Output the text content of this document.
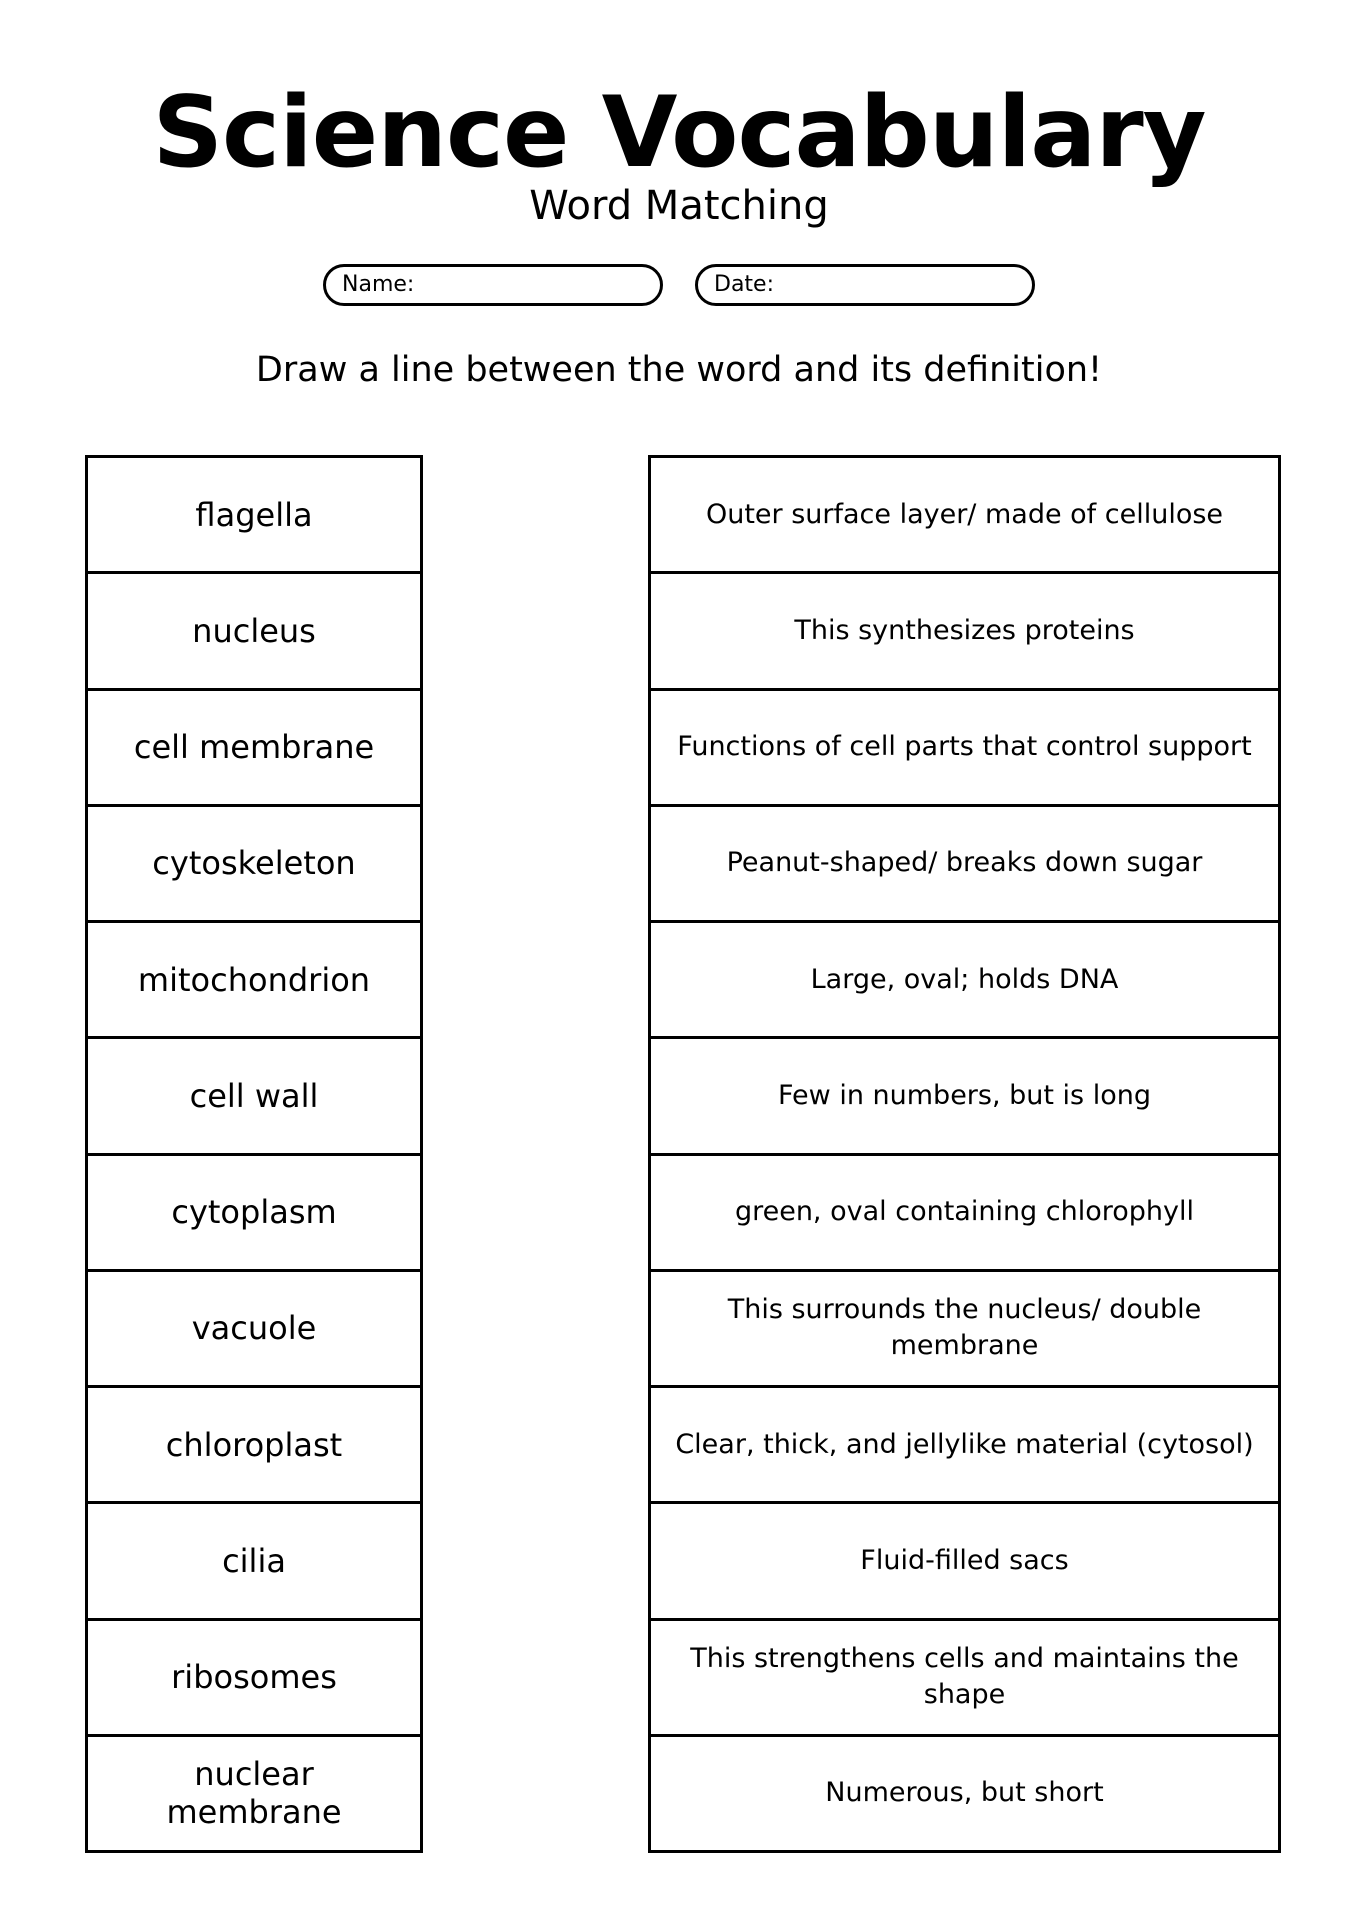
Science Vocabulary
Word Matching
Name:	Date:
Draw a line between the word and its definition!
flagella
nucleus
cell membrane
cytoskeleton
mitochondrion
cell wall
cytoplasm
vacuole
chloroplast
cilia
ribosomes
nuclear membrane
Outer surface layer/ made of cellulose
This synthesizes proteins
Functions of cell parts that control support
Peanut-shaped/ breaks down sugar
Large, oval; holds DNA
Few in numbers, but is long
green, oval containing chlorophyll
This surrounds the nucleus/ double membrane
Clear, thick, and jellylike material (cytosol)
Fluid-filled sacs
This strengthens cells and maintains the shape
Numerous, but short
